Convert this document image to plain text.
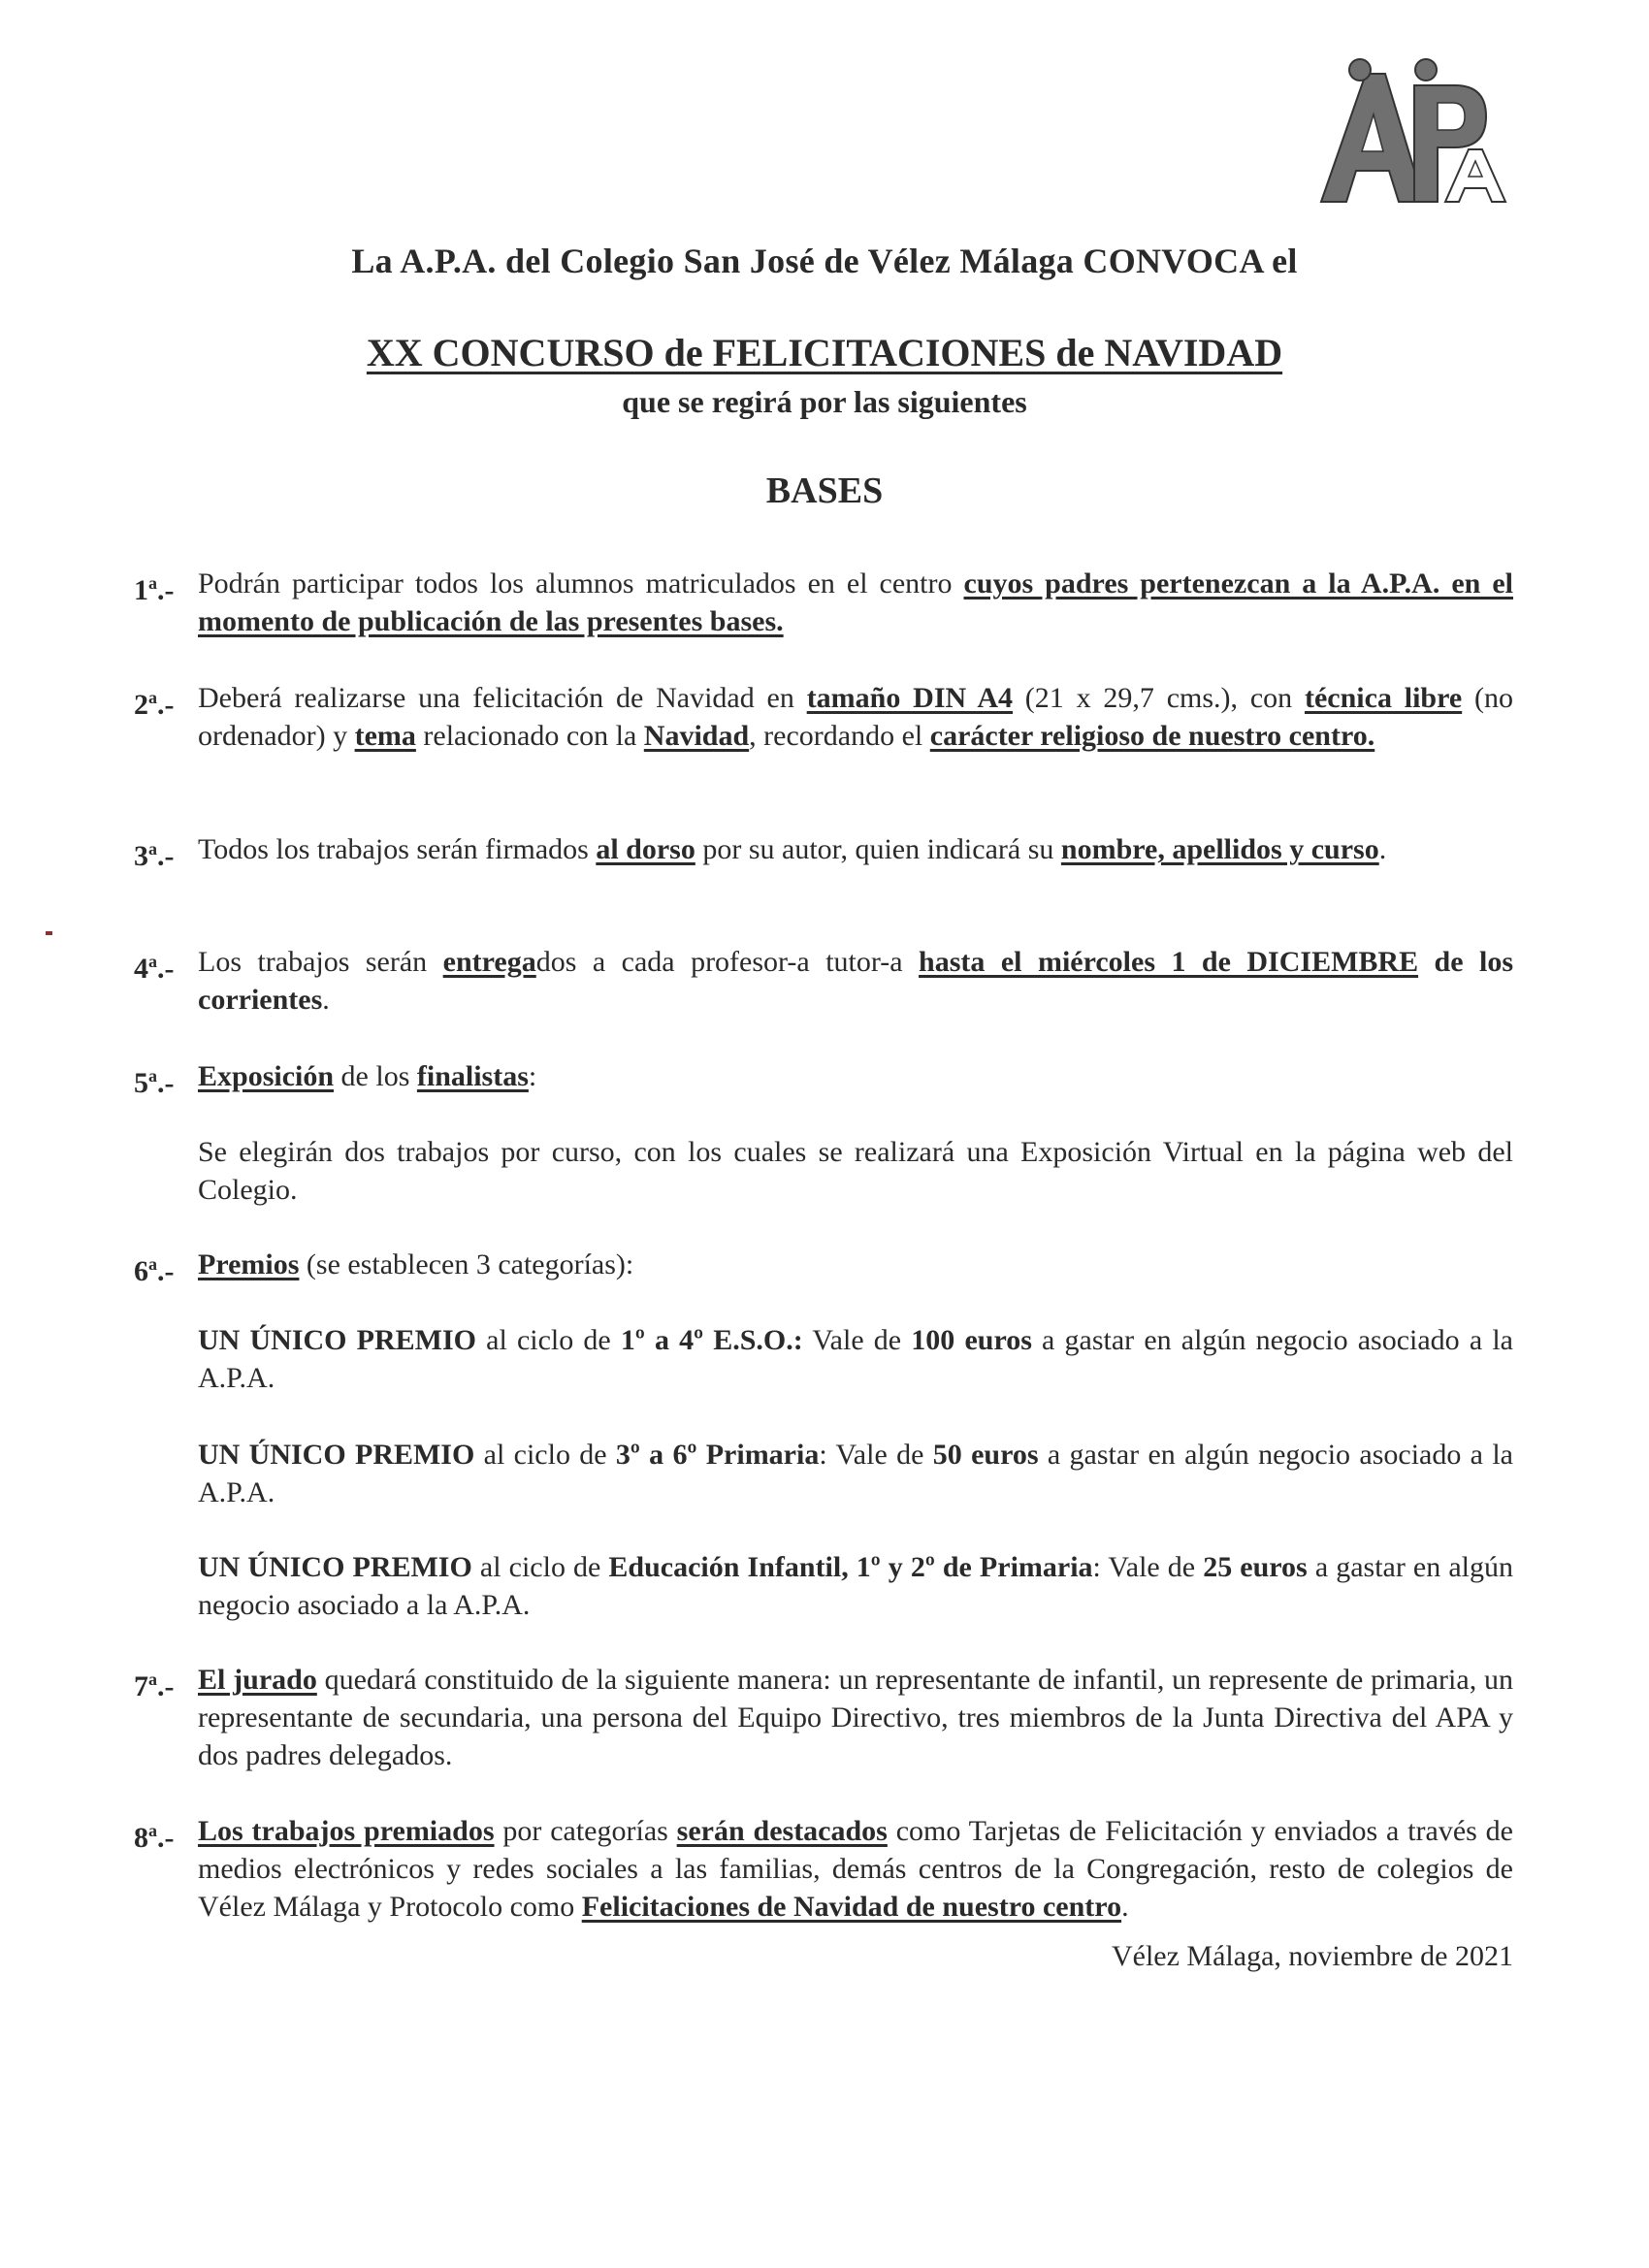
La A.P.A. del Colegio San José de Vélez Málaga CONVOCA el
XX CONCURSO de FELICITACIONES de NAVIDAD
que se regirá por las siguientes
BASES
1$^a$.- Podrán participar todos los alumnos matriculados en el centro cuyos padres pertenezcan a la A.P.A. en el momento de publicación de las presentes bases.
2$^a$.- Deberá realizarse una felicitación de Navidad en tamaño DIN A4 (21 x 29,7 cms.), con técnica libre (no ordenador) y tema relacionado con la Navidad, recordando el carácter religioso de nuestro centro.
3$^a$.- Todos los trabajos serán firmados al dorso por su autor, quien indicará su nombre, apellidos y curso.
4$^a$.- Los trabajos serán entregados a cada profesor-a tutor-a hasta el miércoles 1 de DICIEMBRE de los corrientes.
5$^a$.- Exposición de los finalistas:
Se elegirán dos trabajos por curso, con los cuales se realizará una Exposición Virtual en la página web del Colegio.
6$^a$.- Premios (se establecen 3 categorías):
UN ÚNICO PREMIO al ciclo de 1º a 4º E.S.O.: Vale de 100 euros a gastar en algún negocio asociado a la A.P.A.
UN ÚNICO PREMIO al ciclo de 3º a 6º Primaria: Vale de 50 euros a gastar en algún negocio asociado a la A.P.A.
UN ÚNICO PREMIO al ciclo de Educación Infantil, 1º y 2º de Primaria: Vale de 25 euros a gastar en algún negocio asociado a la A.P.A.
7$^a$.- El jurado quedará constituido de la siguiente manera: un representante de infantil, un represente de primaria, un representante de secundaria, una persona del Equipo Directivo, tres miembros de la Junta Directiva del APA y dos padres delegados.
8$^a$.- Los trabajos premiados por categorías serán destacados como Tarjetas de Felicitación y enviados a través de medios electrónicos y redes sociales a las familias, demás centros de la Congregación, resto de colegios de Vélez Málaga y Protocolo como Felicitaciones de Navidad de nuestro centro.
Vélez Málaga, noviembre de 2021
